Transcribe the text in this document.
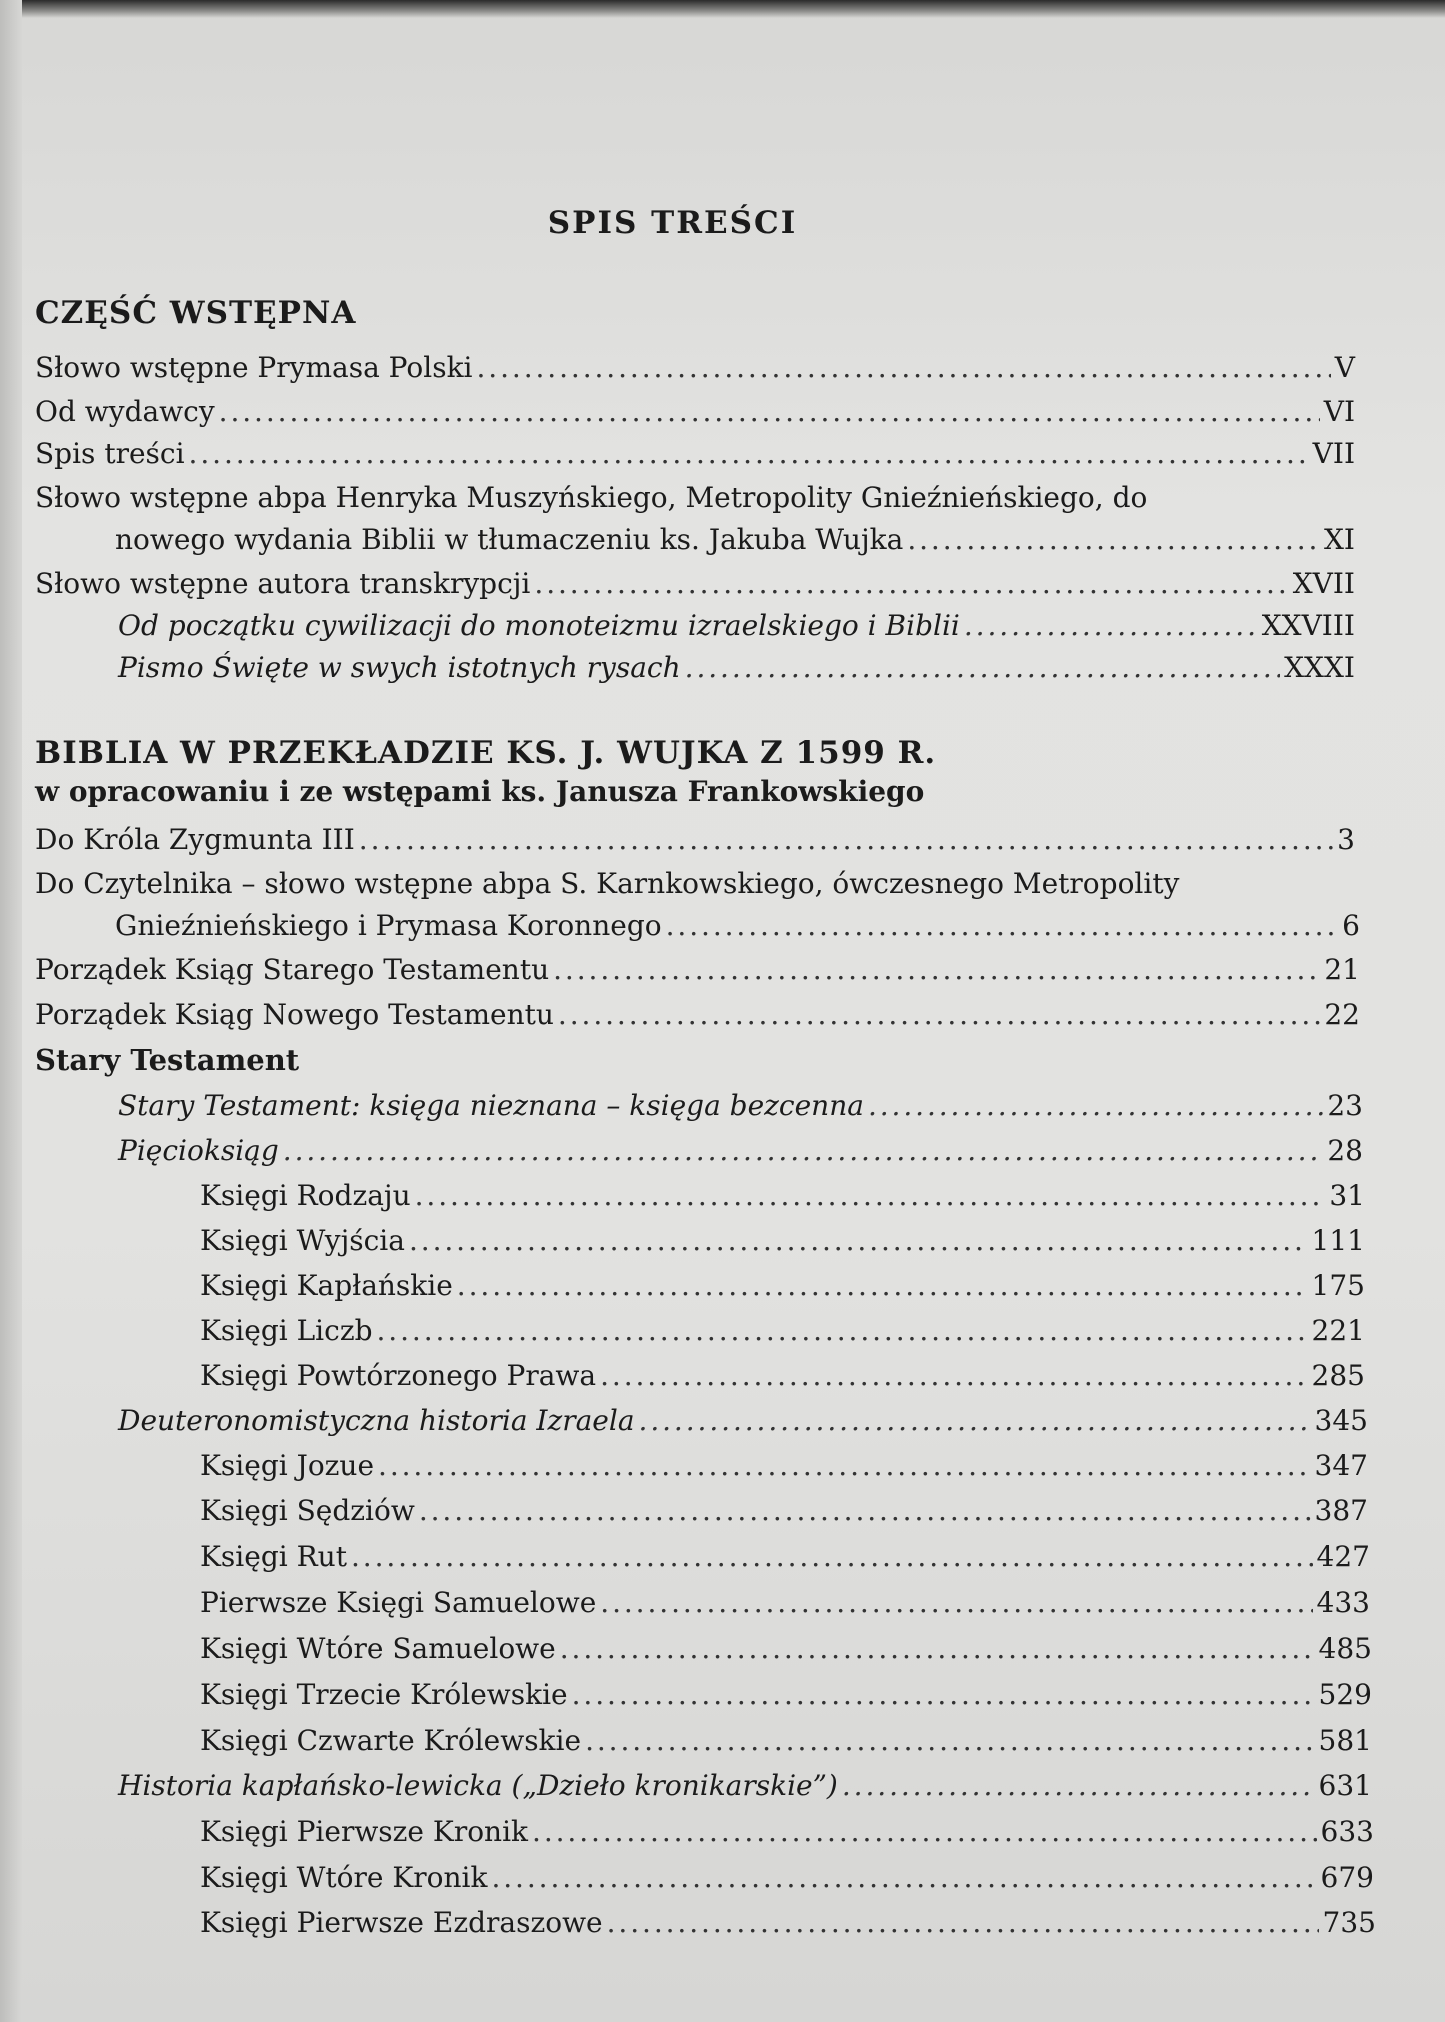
SPIS TREŚCI
CZĘŚĆ WSTĘPNA
Słowo wstępne Prymasa Polski . . .	V
Od wydawcy . . .	VI
Spis treści . . .	VII
Słowo wstępne abpa Henryka Muszyńskiego, Metropolity Gnieźnieńskiego, do
nowego wydania Biblii w tłumaczeniu ks. Jakuba Wujka . . .	XI
Słowo wstępne autora transkrypcji . . .	XVII
Od początku cywilizacji do monoteizmu izraelskiego i Biblii . . .	XXVIII
Pismo Święte w swych istotnych rysach . . .	XXXI
BIBLIA W PRZEKŁADZIE KS. J. WUJKA Z 1599 R.
w opracowaniu i ze wstępami ks. Janusza Frankowskiego
Do Króla Zygmunta III . . .	3
Do Czytelnika – słowo wstępne abpa S. Karnkowskiego, ówczesnego Metropolity
Gnieźnieńskiego i Prymasa Koronnego . . .	6
Porządek Ksiąg Starego Testamentu . . .	21
Porządek Ksiąg Nowego Testamentu . . .	22
Stary Testament
Stary Testament: księga nieznana – księga bezcenna . . .	23
Pięcioksiąg . . .	28
Księgi Rodzaju . . .	31
Księgi Wyjścia . . .	111
Księgi Kapłańskie . . .	175
Księgi Liczb . . .	221
Księgi Powtórzonego Prawa . . .	285
Deuteronomistyczna historia Izraela . . .	345
Księgi Jozue . . .	347
Księgi Sędziów . . .	387
Księgi Rut . . .	427
Pierwsze Księgi Samuelowe . . .	433
Księgi Wtóre Samuelowe . . .	485
Księgi Trzecie Królewskie . . .	529
Księgi Czwarte Królewskie . . .	581
Historia kapłańsko-lewicka („Dzieło kronikarskie”) . . .	631
Księgi Pierwsze Kronik . . .	633
Księgi Wtóre Kronik . . .	679
Księgi Pierwsze Ezdraszowe . . .	735
